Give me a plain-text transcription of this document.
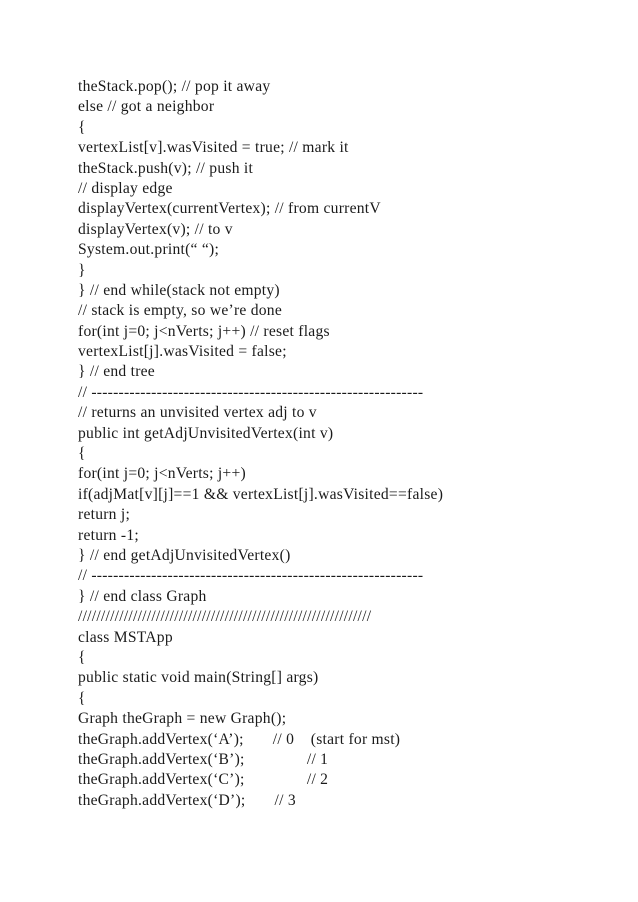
theStack.pop(); // pop it away
else // got a neighbor
{
vertexList[v].wasVisited = true; // mark it
theStack.push(v); // push it
// display edge
displayVertex(currentVertex); // from currentV
displayVertex(v); // to v
System.out.print(“ “);
}
} // end while(stack not empty)
// stack is empty, so we’re done
for(int j=0; j<nVerts; j++) // reset flags
vertexList[j].wasVisited = false;
} // end tree
// -------------------------------------------------------------
// returns an unvisited vertex adj to v
public int getAdjUnvisitedVertex(int v)
{
for(int j=0; j<nVerts; j++)
if(adjMat[v][j]==1 && vertexList[j].wasVisited==false)
return j;
return -1;
} // end getAdjUnvisitedVertex()
// -------------------------------------------------------------
} // end class Graph
////////////////////////////////////////////////////////////////
class MSTApp
{
public static void main(String[] args)
{
Graph theGraph = new Graph();
theGraph.addVertex(‘A’);       // 0    (start for mst)
theGraph.addVertex(‘B’);               // 1
theGraph.addVertex(‘C’);               // 2
theGraph.addVertex(‘D’);       // 3
